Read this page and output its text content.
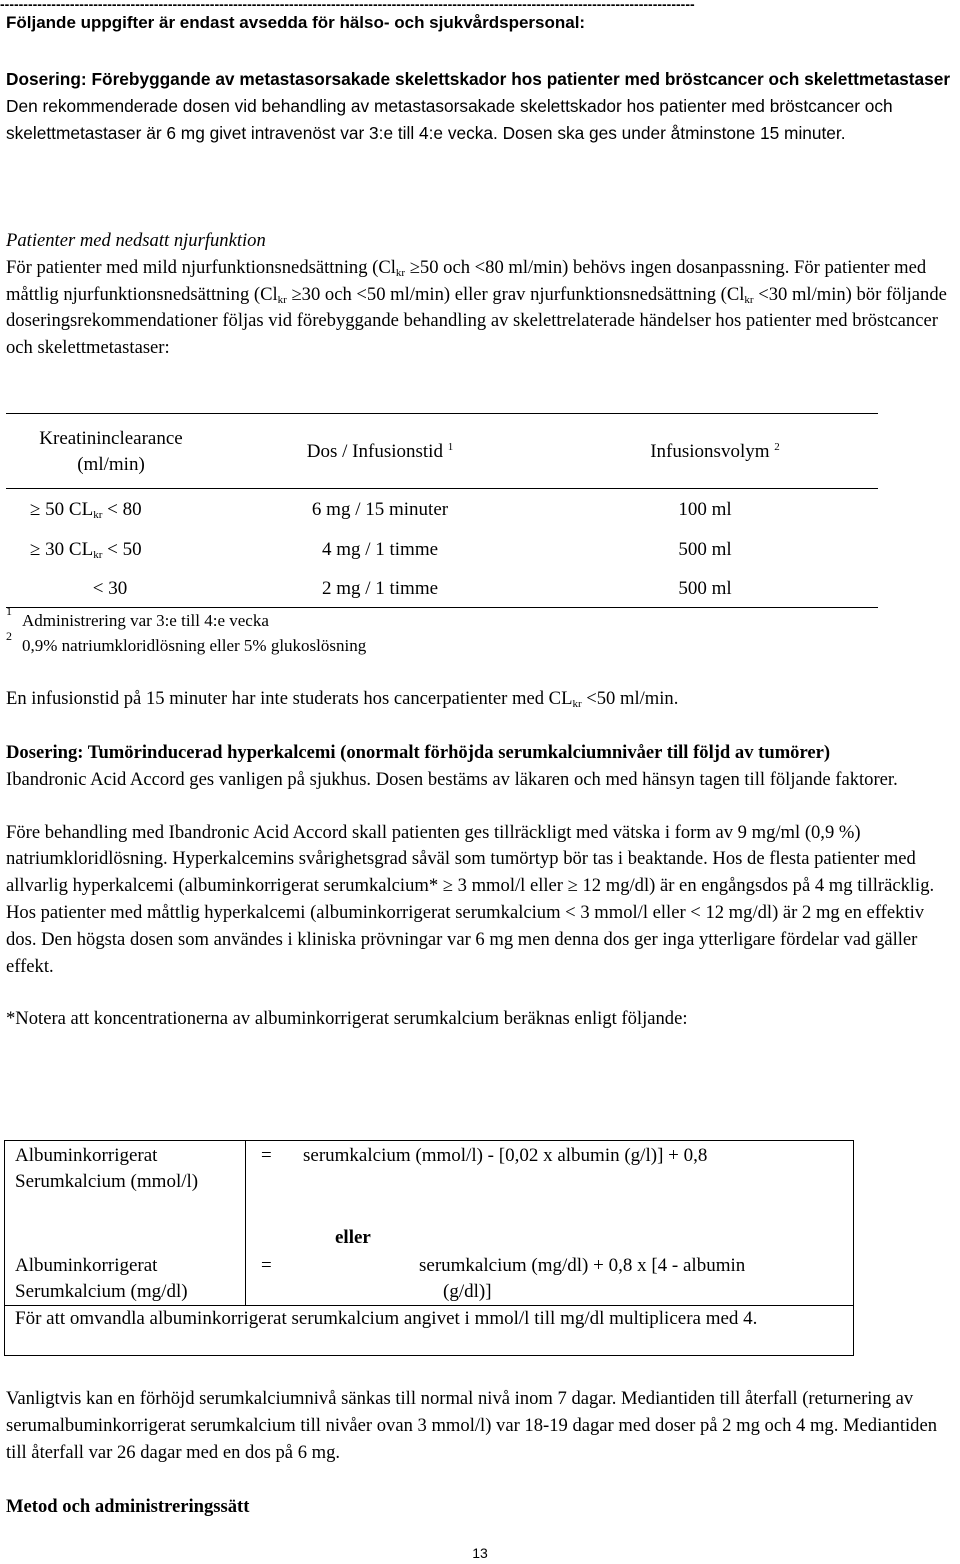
-----------------------------------------------------------------------------------------------------------------------------------------------------
Följande uppgifter är endast avsedda för hälso- och sjukvårdspersonal:

Dosering: Förebyggande av metastasorsakade skelettskador hos patienter med bröstcancer och skelettmetastaser

Den rekommenderade dosen vid behandling av metastasorsakade skelettskador hos patienter med bröstcancer och skelettmetastaser är 6 mg givet intravenöst var 3:e till 4:e vecka. Dosen ska ges under åtminstone 15 minuter.

Patienter med nedsatt njurfunktion

För patienter med mild njurfunktionsnedsättning ($Cl_{kr} \ge 50$ och <80 ml/min) behövs ingen dosanpassning. För patienter med måttlig njurfunktionsnedsättning ($Cl_{kr} \ge 30$ och <50 ml/min) eller grav njurfunktionsnedsättning ($Cl_{kr} <30$ ml/min) bör följande doseringsrekommendationer följas vid förebyggande behandling av skelettrelaterade händelser hos patienter med bröstcancer och skelettmetastaser:

Kreatininclearance
(ml/min)
Dos / Infusionstid $^1$	Infusionsvolym $^2$
≥ 50 $CL_{kr} < 80$	6 mg / 15 minuter	100 ml
≥ 30 $CL_{kr} < 50$	4 mg / 1 timme	500 ml
< 30	2 mg / 1 timme	500 ml
1 Administrering var 3:e till 4:e vecka
2 0,9% natriumkloridlösning eller 5% glukoslösning

En infusionstid på 15 minuter har inte studerats hos cancerpatienter med $CL_{kr} <50$ ml/min.

Dosering: Tumörinducerad hyperkalcemi (onormalt förhöjda serumkalciumnivåer till följd av tumörer)

Ibandronic Acid Accord ges vanligen på sjukhus. Dosen bestäms av läkaren och med hänsyn tagen till följande faktorer.

Före behandling med Ibandronic Acid Accord skall patienten ges tillräckligt med vätska i form av 9 mg/ml (0,9 %) natriumkloridlösning. Hyperkalcemins svårighetsgrad såväl som tumörtyp bör tas i beaktande. Hos de flesta patienter med allvarlig hyperkalcemi (albuminkorrigerat serumkalcium* ≥ 3 mmol/l eller ≥ 12 mg/dl) är en engångsdos på 4 mg tillräcklig. Hos patienter med måttlig hyperkalcemi (albuminkorrigerat serumkalcium < 3 mmol/l eller < 12 mg/dl) är 2 mg en effektiv dos. Den högsta dosen som användes i kliniska prövningar var 6 mg men denna dos ger inga ytterligare fördelar vad gäller effekt.

*Notera att koncentrationerna av albuminkorrigerat serumkalcium beräknas enligt följande:

Albuminkorrigerat Serumkalcium (mmol/l)
= serumkalcium (mmol/l) - [0,02 x albumin (g/l)] + 0,8
eller
Albuminkorrigerat Serumkalcium (mg/dl)
=	serumkalcium (mg/dl) + 0,8 x [4 - albumin
(g/dl)]
För att omvandla albuminkorrigerat serumkalcium angivet i mmol/l till mg/dl multiplicera med 4.

Vanligtvis kan en förhöjd serumkalciumnivå sänkas till normal nivå inom 7 dagar. Mediantiden till återfall (returnering av serumalbuminkorrigerat serumkalcium till nivåer ovan 3 mmol/l) var 18-19 dagar med doser på 2 mg och 4 mg. Mediantiden till återfall var 26 dagar med en dos på 6 mg.

Metod och administreringssätt

13
